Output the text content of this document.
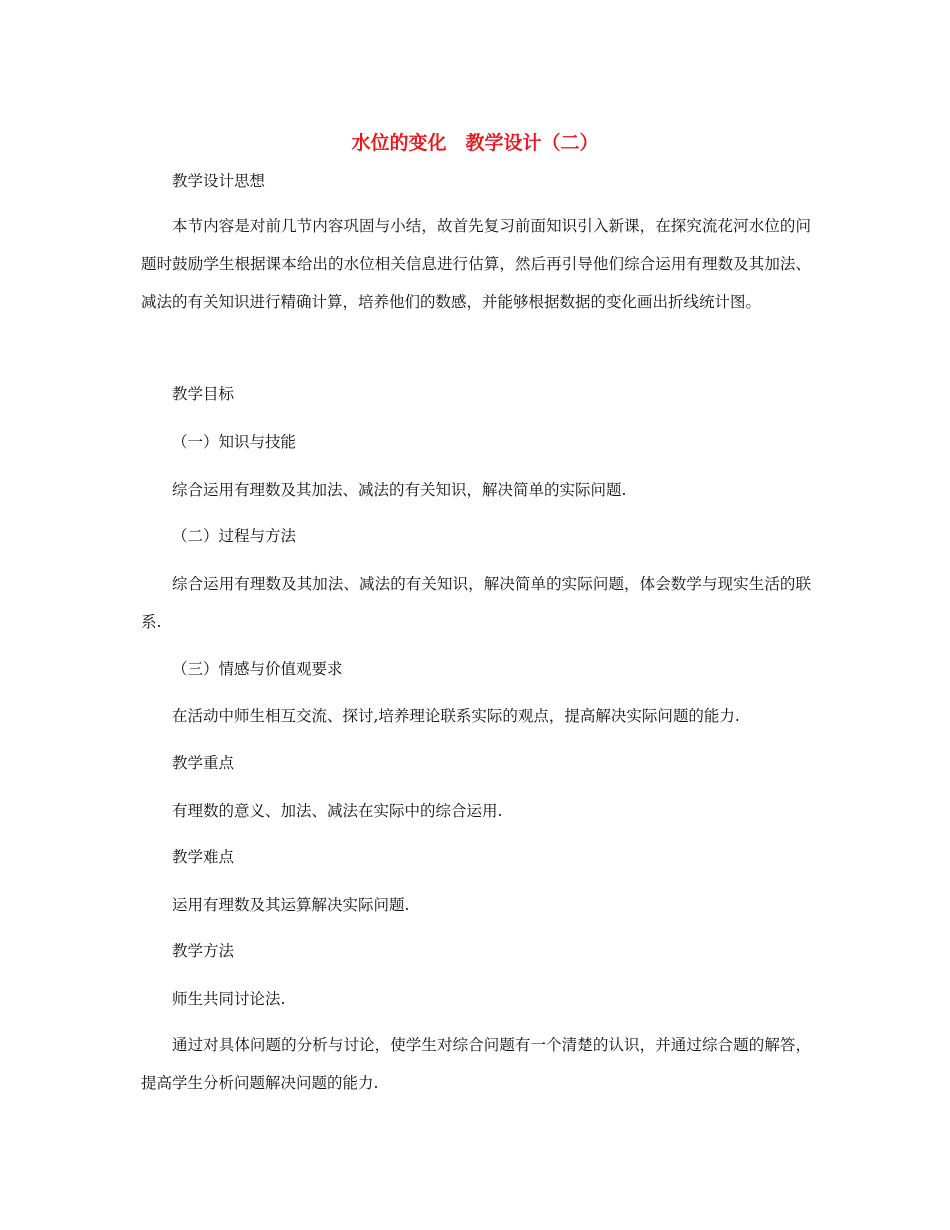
水位的变化　教学设计（二）
教学设计思想
本节内容是对前几节内容巩固与小结，故首先复习前面知识引入新课，在探究流花河水位的问题时鼓励学生根据课本给出的水位相关信息进行估算，然后再引导他们综合运用有理数及其加法、减法的有关知识进行精确计算，培养他们的数感，并能够根据数据的变化画出折线统计图。
教学目标
（一）知识与技能
综合运用有理数及其加法、减法的有关知识，解决简单的实际问题.
（二）过程与方法
综合运用有理数及其加法、减法的有关知识，解决简单的实际问题，体会数学与现实生活的联系.
（三）情感与价值观要求
在活动中师生相互交流、探讨,培养理论联系实际的观点，提高解决实际问题的能力.
教学重点
有理数的意义、加法、减法在实际中的综合运用.
教学难点
运用有理数及其运算解决实际问题.
教学方法
师生共同讨论法.
通过对具体问题的分析与讨论，使学生对综合问题有一个清楚的认识，并通过综合题的解答，提高学生分析问题解决问题的能力.
